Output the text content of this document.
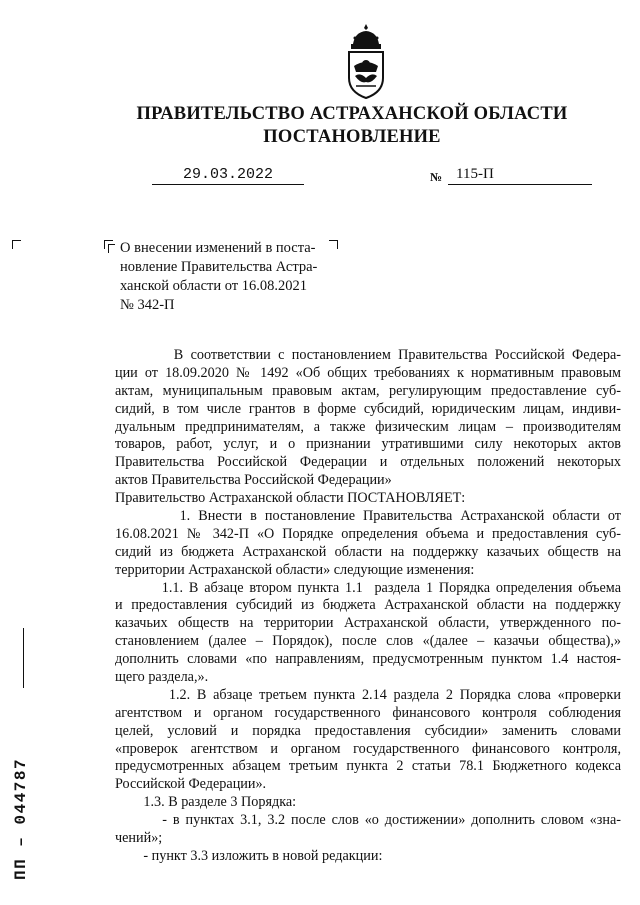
ПРАВИТЕЛЬСТВО АСТРАХАНСКОЙ ОБЛАСТИ
ПОСТАНОВЛЕНИЕ
29.03.2022	№ 115-П
О внесении изменений в поста-
новление Правительства Астра-
ханской области от 16.08.2021
№ 342-П
В соответствии с постановлением Правительства Российской Федера-
ции от 18.09.2020 № 1492 «Об общих требованиях к нормативным правовым
актам, муниципальным правовым актам, регулирующим предоставление суб-
сидий, в том числе грантов в форме субсидий, юридическим лицам, индиви-
дуальным предпринимателям, а также физическим лицам – производителям
товаров, работ, услуг, и о признании утратившими силу некоторых актов
Правительства Российской Федерации и отдельных положений некоторых
актов Правительства Российской Федерации»
Правительство Астраханской области ПОСТАНОВЛЯЕТ:
1. Внести в постановление Правительства Астраханской области от
16.08.2021 № 342-П «О Порядке определения объема и предоставления суб-
сидий из бюджета Астраханской области на поддержку казачьих обществ на
территории Астраханской области» следующие изменения:
1.1. В абзаце втором пункта 1.1  раздела 1 Порядка определения объема
и предоставления субсидий из бюджета Астраханской области на поддержку
казачьих обществ на территории Астраханской области, утвержденного по-
становлением (далее – Порядок), после слов «(далее – казачьи общества),»
дополнить словами «по направлениям, предусмотренным пунктом 1.4 настоя-
щего раздела,».
1.2. В абзаце третьем пункта 2.14 раздела 2 Порядка слова «проверки
агентством и органом государственного финансового контроля соблюдения
целей, условий и порядка предоставления субсидии» заменить словами
«проверок агентством и органом государственного финансового контроля,
предусмотренных абзацем третьим пункта 2 статьи 78.1 Бюджетного кодекса
Российской Федерации».
1.3. В разделе 3 Порядка:
- в пунктах 3.1, 3.2 после слов «о достижении» дополнить словом «зна-
чений»;
- пункт 3.3 изложить в новой редакции:
ПП – 044787
